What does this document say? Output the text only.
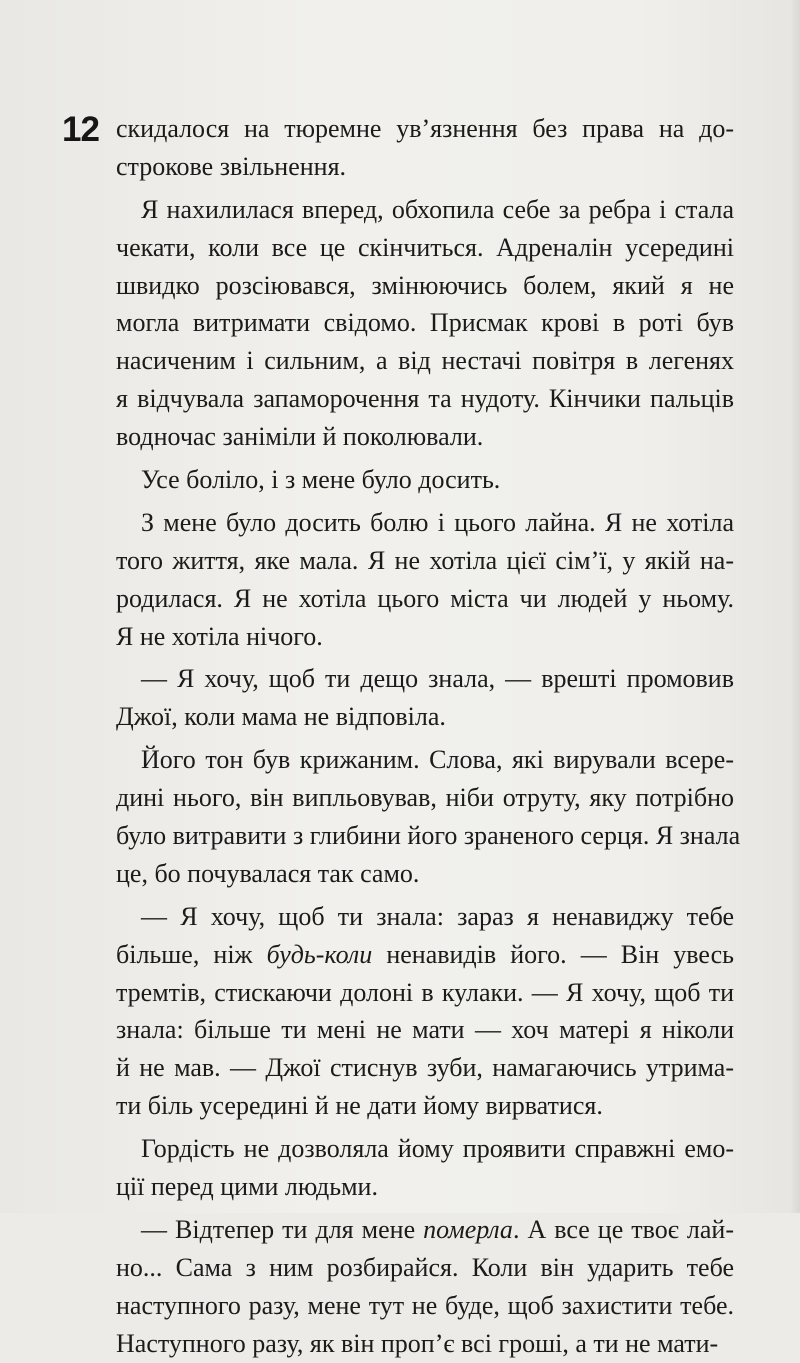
12 скидалося на тюремне ув’язнення без права на до-
строкове звільнення.
Я нахилилася вперед, обхопила себе за ребра і стала
чекати, коли все це скінчиться. Адреналін усередині
швидко розсіювався, змінюючись болем, який я не
могла витримати свідомо. Присмак крові в роті був
насиченим і сильним, а від нестачі повітря в легенях
я відчувала запаморочення та нудоту. Кінчики пальців
водночас заніміли й поколювали.
Усе боліло, і з мене було досить.
З мене було досить болю і цього лайна. Я не хотіла
того життя, яке мала. Я не хотіла цієї сім’ї, у якій на-
родилася. Я не хотіла цього міста чи людей у ньому.
Я не хотіла нічого.
— Я хочу, щоб ти дещо знала, — врешті промовив
Джої, коли мама не відповіла.
Його тон був крижаним. Слова, які вирували всере-
дині нього, він випльовував, ніби отруту, яку потрібно
було витравити з глибини його зраненого серця. Я знала
це, бо почувалася так само.
— Я хочу, щоб ти знала: зараз я ненавиджу тебе
більше, ніж будь-коли ненавидів його. — Він увесь
тремтів, стискаючи долоні в кулаки. — Я хочу, щоб ти
знала: більше ти мені не мати — хоч матері я ніколи
й не мав. — Джої стиснув зуби, намагаючись утрима-
ти біль усередині й не дати йому вирватися.
Гордість не дозволяла йому проявити справжні емо-
ції перед цими людьми.
— Відтепер ти для мене померла. А все це твоє лай-
но... Сама з ним розбирайся. Коли він ударить тебе
наступного разу, мене тут не буде, щоб захистити тебе.
Наступного разу, як він проп’є всі гроші, а ти не мати-
